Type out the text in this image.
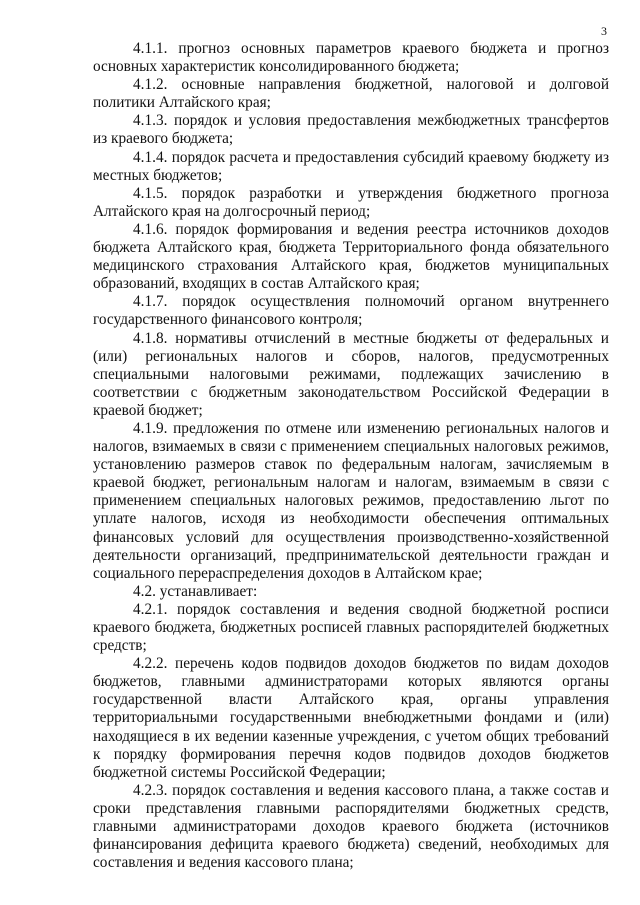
3

4.1.1. прогноз основных параметров краевого бюджета и прогноз основных характеристик консолидированного бюджета;

4.1.2. основные направления бюджетной, налоговой и долговой политики Алтайского края;

4.1.3. порядок и условия предоставления межбюджетных трансфертов из краевого бюджета;

4.1.4. порядок расчета и предоставления субсидий краевому бюджету из местных бюджетов;

4.1.5. порядок разработки и утверждения бюджетного прогноза Алтайского края на долгосрочный период;

4.1.6. порядок формирования и ведения реестра источников доходов бюджета Алтайского края, бюджета Территориального фонда обязательного медицинского страхования Алтайского края, бюджетов муниципальных образований, входящих в состав Алтайского края;

4.1.7. порядок осуществления полномочий органом внутреннего государственного финансового контроля;

4.1.8. нормативы отчислений в местные бюджеты от федеральных и (или) региональных налогов и сборов, налогов, предусмотренных специальными налоговыми режимами, подлежащих зачислению в соответствии с бюджетным законодательством Российской Федерации в краевой бюджет;

4.1.9. предложения по отмене или изменению региональных налогов и налогов, взимаемых в связи с применением специальных налоговых режимов, установлению размеров ставок по федеральным налогам, зачисляемым в краевой бюджет, региональным налогам и налогам, взимаемым в связи с применением специальных налоговых режимов, предоставлению льгот по уплате налогов, исходя из необходимости обеспечения оптимальных финансовых условий для осуществления производственно-хозяйственной деятельности организаций, предпринимательской деятельности граждан и социального перераспределения доходов в Алтайском крае;

4.2. устанавливает:

4.2.1. порядок составления и ведения сводной бюджетной росписи краевого бюджета, бюджетных росписей главных распорядителей бюджетных средств;

4.2.2. перечень кодов подвидов доходов бюджетов по видам доходов бюджетов, главными администраторами которых являются органы государственной власти Алтайского края, органы управления территориальными государственными внебюджетными фондами и (или) находящиеся в их ведении казенные учреждения, с учетом общих требований к порядку формирования перечня кодов подвидов доходов бюджетов бюджетной системы Российской Федерации;

4.2.3. порядок составления и ведения кассового плана, а также состав и сроки представления главными распорядителями бюджетных средств, главными администраторами доходов краевого бюджета (источников финансирования дефицита краевого бюджета) сведений, необходимых для составления и ведения кассового плана;
